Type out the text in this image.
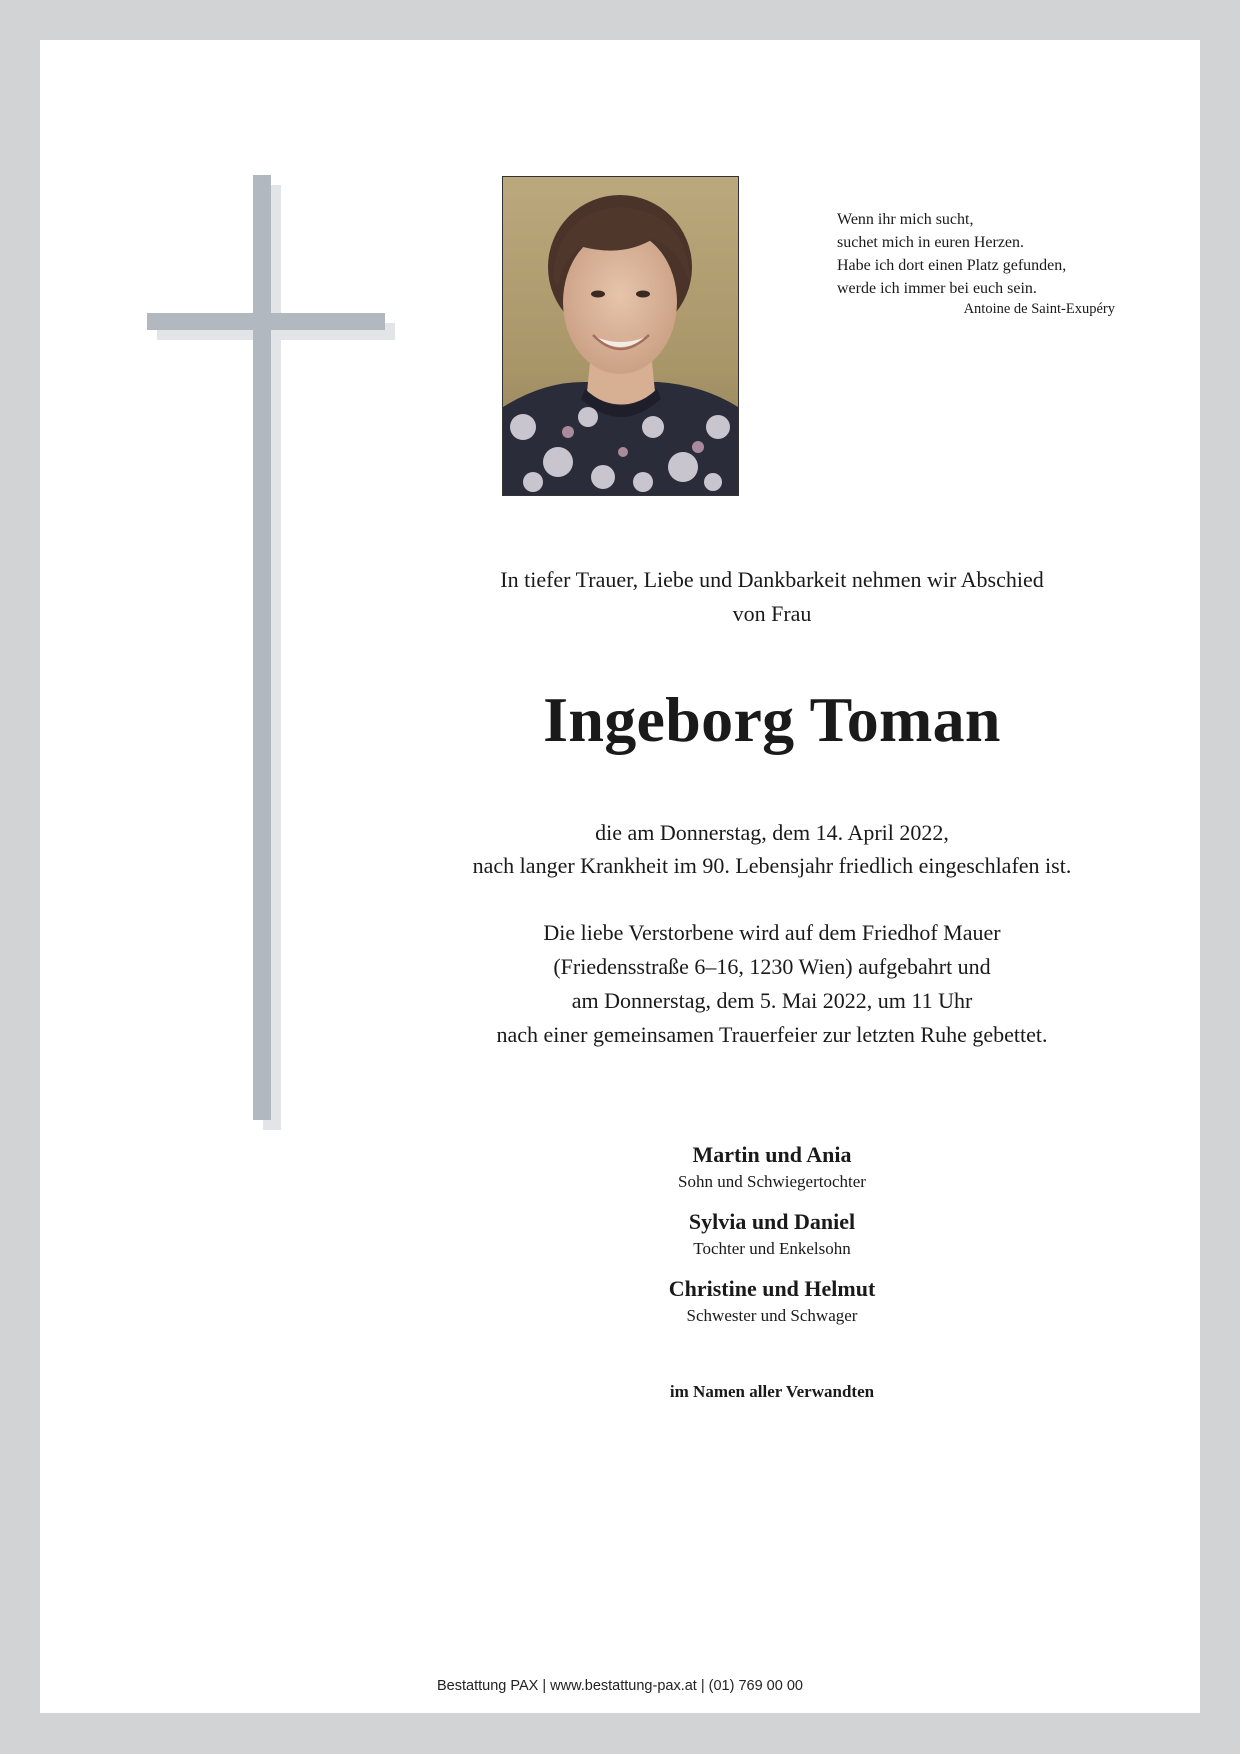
Wenn ihr mich sucht,
suchet mich in euren Herzen.
Habe ich dort einen Platz gefunden,
werde ich immer bei euch sein.
Antoine de Saint-Exupéry
In tiefer Trauer, Liebe und Dankbarkeit nehmen wir Abschied
von Frau
Ingeborg Toman
die am Donnerstag, dem 14. April 2022,
nach langer Krankheit im 90. Lebensjahr friedlich eingeschlafen ist.
Die liebe Verstorbene wird auf dem Friedhof Mauer
(Friedensstraße 6–16, 1230 Wien) aufgebahrt und
am Donnerstag, dem 5. Mai 2022, um 11 Uhr
nach einer gemeinsamen Trauerfeier zur letzten Ruhe gebettet.
Martin und Ania
Sohn und Schwiegertochter
Sylvia und Daniel
Tochter und Enkelsohn
Christine und Helmut
Schwester und Schwager
im Namen aller Verwandten
Bestattung PAX | www.bestattung-pax.at | (01) 769 00 00
